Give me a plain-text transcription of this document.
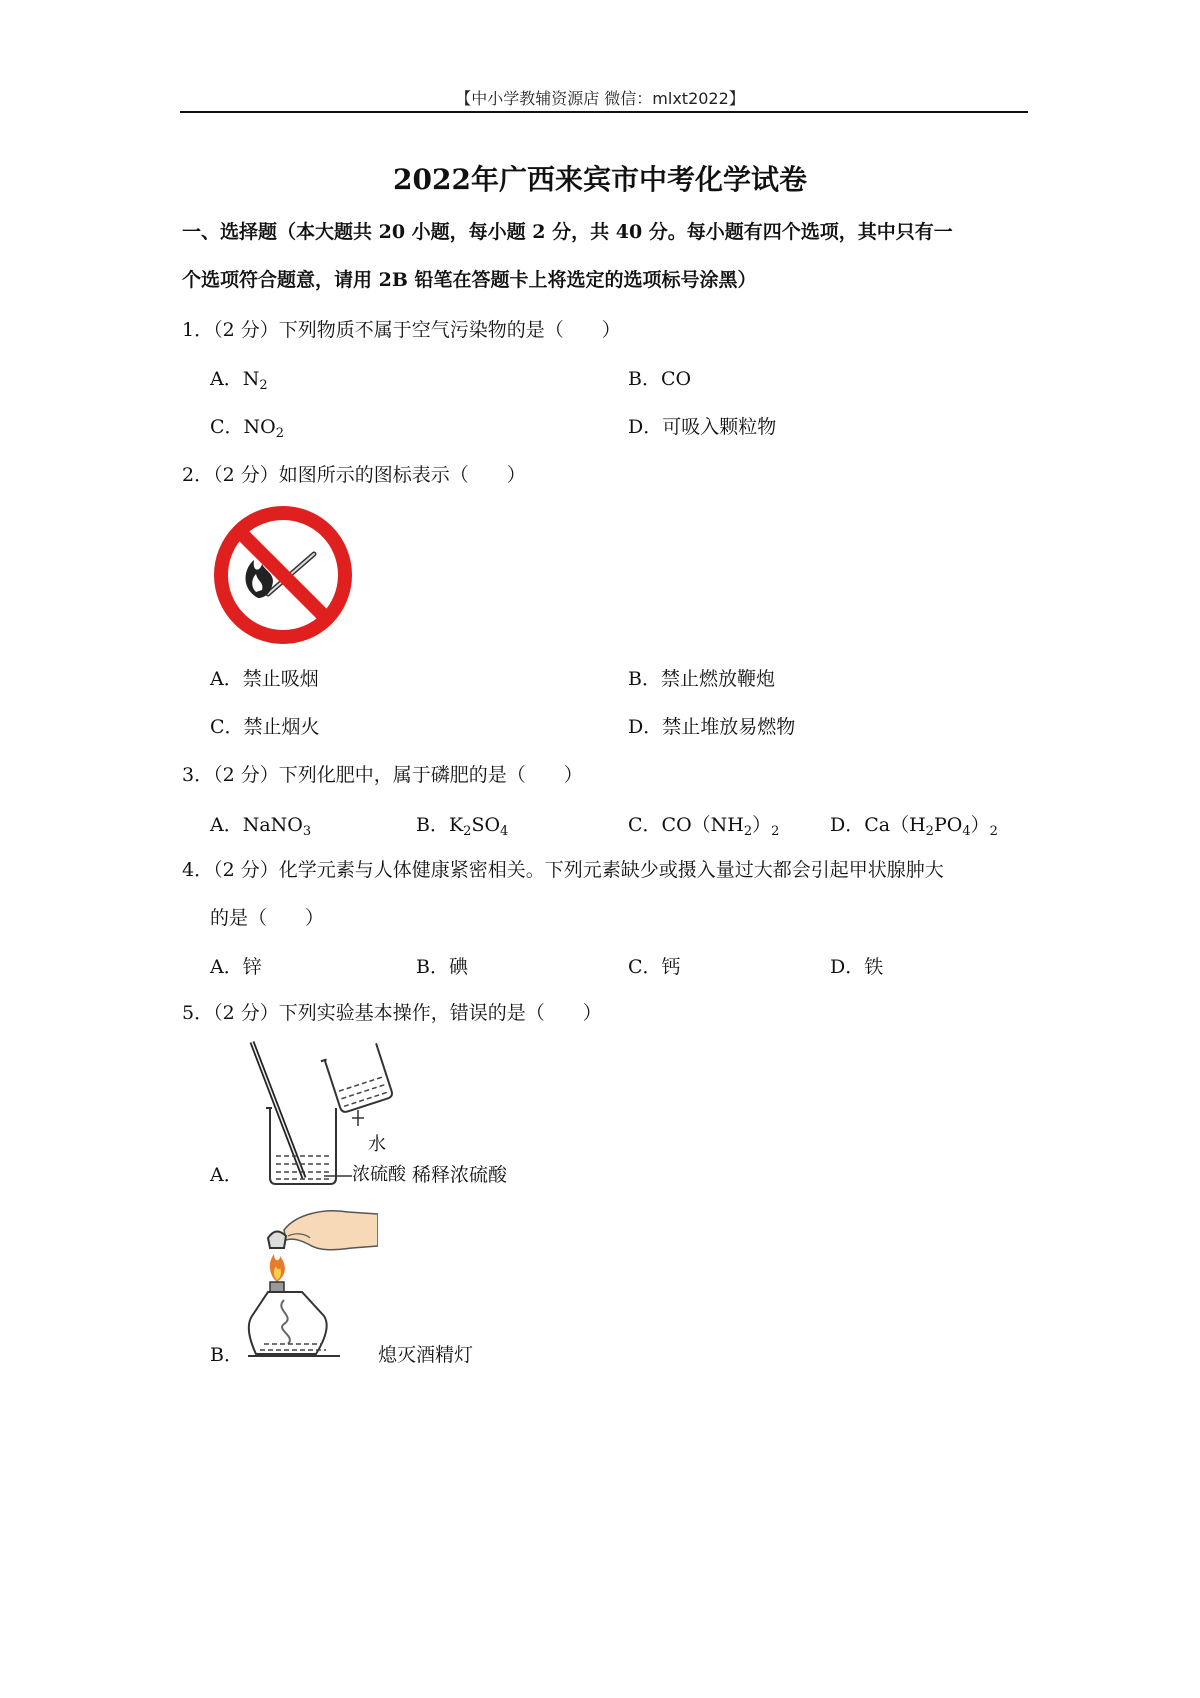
【中小学教辅资源店 微信：mlxt2022】
2022年广西来宾市中考化学试卷
一、选择题（本大题共 20 小题，每小题 2 分，共 40 分。每小题有四个选项，其中只有一
个选项符合题意，请用 2B 铅笔在答题卡上将选定的选项标号涂黑）
1．（2 分）下列物质不属于空气污染物的是（　　）
A．$N_2$	B．CO
C．$NO_2$	D．可吸入颗粒物
2．（2 分）如图所示的图标表示（　　）
A．禁止吸烟	B．禁止燃放鞭炮
C．禁止烟火	D．禁止堆放易燃物
3．（2 分）下列化肥中，属于磷肥的是（　　）
A．NaNO$_3$	B．$K_2SO_4$	C．$CO(NH_2)_2$	D．$Ca(H_2PO_4)_2$
4．（2 分）化学元素与人体健康紧密相关。下列元素缺少或摄入量过大都会引起甲状腺肿大
的是（　　）
A．锌	B．碘	C．钙	D．铁
5．（2 分）下列实验基本操作，错误的是（　　）
A．
水
浓硫酸 稀释浓硫酸
B．	熄灭酒精灯
